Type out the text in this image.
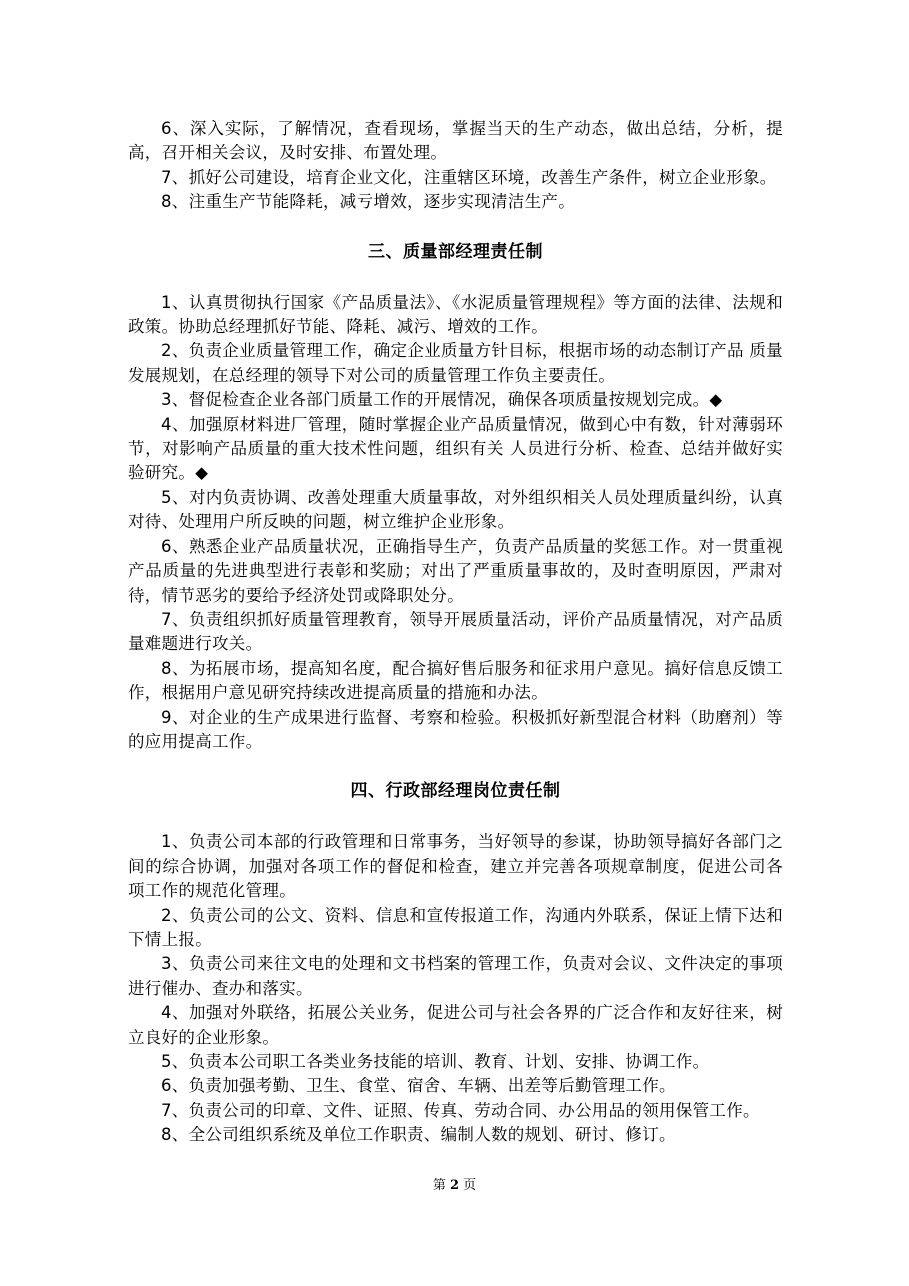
6、深入实际，了解情况，查看现场，掌握当天的生产动态，做出总结，分析，提高，召开相关会议，及时安排、布置处理。

7、抓好公司建设，培育企业文化，注重辖区环境，改善生产条件，树立企业形象。

8、注重生产节能降耗，减亏增效，逐步实现清洁生产。

三、质量部经理责任制

1、认真贯彻执行国家《产品质量法》、《水泥质量管理规程》等方面的法律、法规和政策。协助总经理抓好节能、降耗、减污、增效的工作。

2、负责企业质量管理工作，确定企业质量方针目标，根据市场的动态制订产品 质量发展规划，在总经理的领导下对公司的质量管理工作负主要责任。

3、督促检查企业各部门质量工作的开展情况，确保各项质量按规划完成。◆

4、加强原材料进厂管理，随时掌握企业产品质量情况，做到心中有数，针对薄弱环节，对影响产品质量的重大技术性问题，组织有关 人员进行分析、检查、总结并做好实验研究。◆

5、对内负责协调、改善处理重大质量事故，对外组织相关人员处理质量纠纷，认真对待、处理用户所反映的问题，树立维护企业形象。

6、熟悉企业产品质量状况，正确指导生产，负责产品质量的奖惩工作。对一贯重视产品质量的先进典型进行表彰和奖励；对出了严重质量事故的，及时查明原因，严肃对待，情节恶劣的要给予经济处罚或降职处分。

7、负责组织抓好质量管理教育，领导开展质量活动，评价产品质量情况，对产品质量难题进行攻关。

8、为拓展市场，提高知名度，配合搞好售后服务和征求用户意见。搞好信息反馈工作，根据用户意见研究持续改进提高质量的措施和办法。

9、对企业的生产成果进行监督、考察和检验。积极抓好新型混合材料（助磨剂）等的应用提高工作。

四、行政部经理岗位责任制

1、负责公司本部的行政管理和日常事务，当好领导的参谋，协助领导搞好各部门之间的综合协调，加强对各项工作的督促和检查，建立并完善各项规章制度，促进公司各项工作的规范化管理。

2、负责公司的公文、资料、信息和宣传报道工作，沟通内外联系，保证上情下达和下情上报。

3、负责公司来往文电的处理和文书档案的管理工作，负责对会议、文件决定的事项进行催办、查办和落实。

4、加强对外联络，拓展公关业务，促进公司与社会各界的广泛合作和友好往来，树立良好的企业形象。

5、负责本公司职工各类业务技能的培训、教育、计划、安排、协调工作。

6、负责加强考勤、卫生、食堂、宿舍、车辆、出差等后勤管理工作。

7、负责公司的印章、文件、证照、传真、劳动合同、办公用品的领用保管工作。

8、全公司组织系统及单位工作职责、编制人数的规划、研讨、修订。

第 2 页
